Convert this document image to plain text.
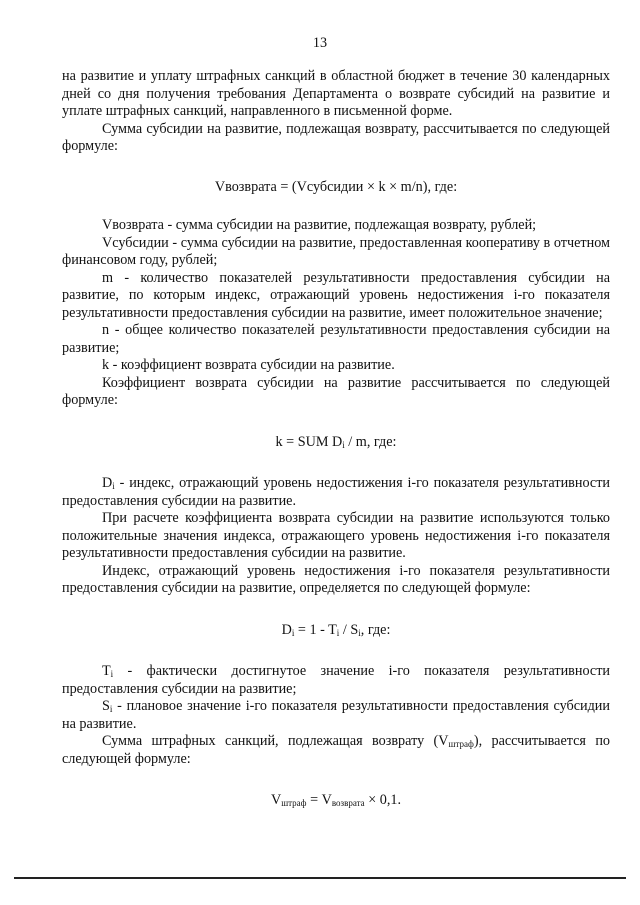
13

на развитие и уплату штрафных санкций в областной бюджет в течение 30 календарных дней со дня получения требования Департамента о возврате субсидий на развитие и уплате штрафных санкций, направленного в письменной форме.

Сумма субсидии на развитие, подлежащая возврату, рассчитывается по следующей формуле:

Vвозврата = (Vсубсидии × k × m/n), где:

Vвозврата - сумма субсидии на развитие, подлежащая возврату, рублей;

Vсубсидии - сумма субсидии на развитие, предоставленная кооперативу в отчетном финансовом году, рублей;

m - количество показателей результативности предоставления субсидии на развитие, по которым индекс, отражающий уровень недостижения i-го показателя результативности предоставления субсидии на развитие, имеет положительное значение;

n - общее количество показателей результативности предоставления субсидии на развитие;

k - коэффициент возврата субсидии на развитие.

Коэффициент возврата субсидии на развитие рассчитывается по следующей формуле:

k = SUM $D_i$ / m, где:

$D_i$ - индекс, отражающий уровень недостижения i-го показателя результативности предоставления субсидии на развитие.

При расчете коэффициента возврата субсидии на развитие используются только положительные значения индекса, отражающего уровень недостижения i-го показателя результативности предоставления субсидии на развитие.

Индекс, отражающий уровень недостижения i-го показателя результативности предоставления субсидии на развитие, определяется по следующей формуле:

$D_i = 1 - T_i / S_i$, где:

$T_i$ - фактически достигнутое значение i-го показателя результативности предоставления субсидии на развитие;

$S_i$ - плановое значение i-го показателя результативности предоставления субсидии на развитие.

Сумма штрафных санкций, подлежащая возврату $(V_{штраф})$, рассчитывается по следующей формуле:

$V_{штраф} = V_{возврата} \times 0,1$.
